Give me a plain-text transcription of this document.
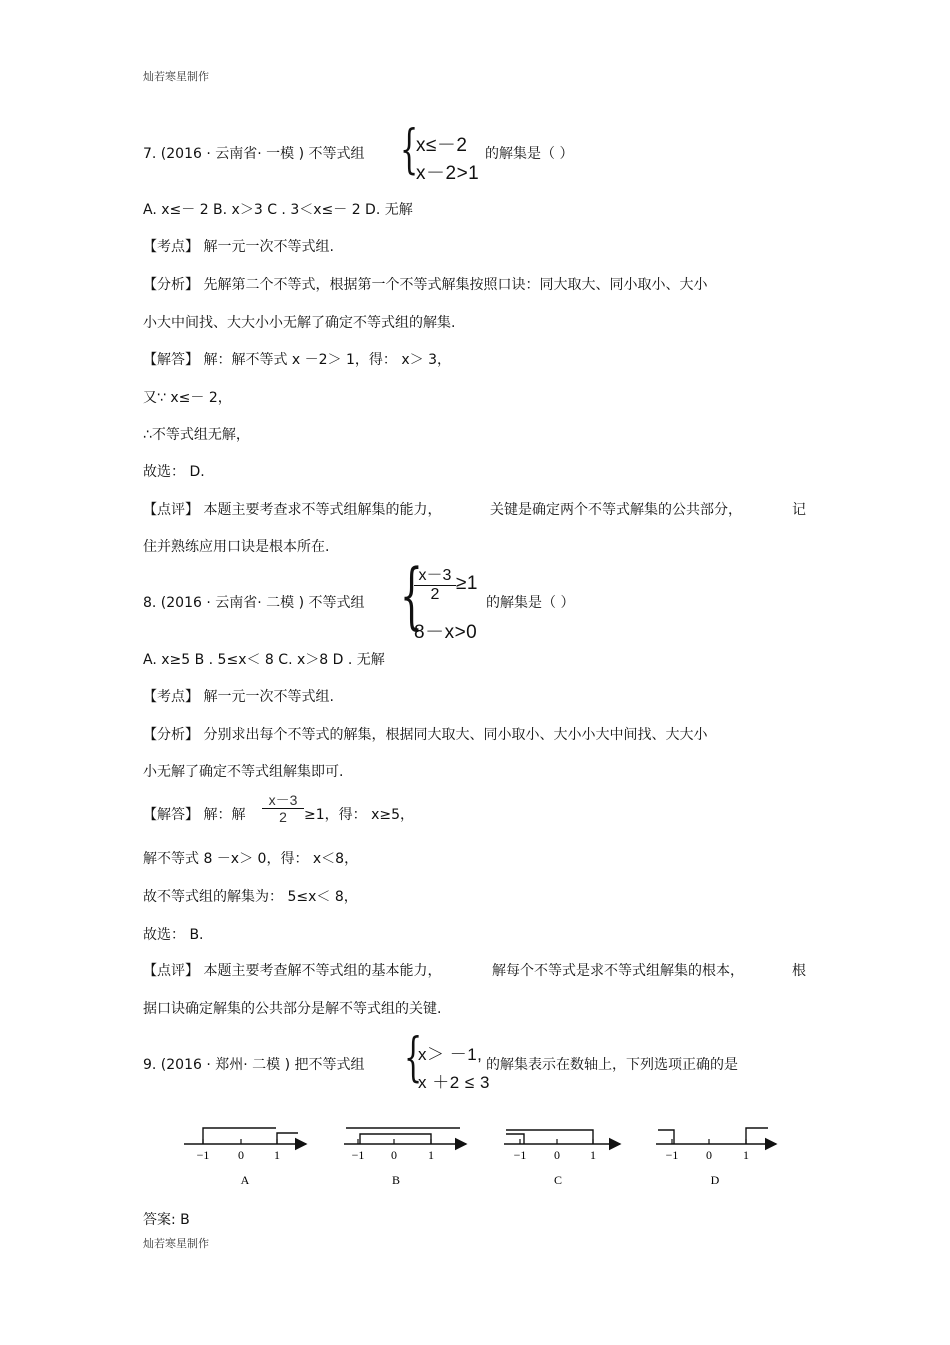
灿若寒星制作
7. (2016 · 云南省· 一模 ) 不等式组 {
x≤－2
x－2>1
的解集是（ ）
A. x≤－ 2 B. x＞3 C . 3＜x≤－ 2 D. 无解
【考点】 解一元一次不等式组.
【分析】 先解第二个不等式，根据第一个不等式解集按照口诀：同大取大、同小取小、大小
小大中间找、大大小小无解了确定不等式组的解集.
【解答】 解：解不等式 x －2＞ 1，得： x＞ 3，
又∵ x≤－ 2，
∴不等式组无解，
故选： D.
【点评】 本题主要考查求不等式组解集的能力，	关键是确定两个不等式解集的公共部分，	记
住并熟练应用口诀是根本所在.
8. (2016 · 云南省· 二模 ) 不等式组 {
x－3
2
≥1
8－x>0
的解集是（ ）
A. x≥5 B . 5≤x＜ 8 C. x＞8 D . 无解
【考点】 解一元一次不等式组.
【分析】 分别求出每个不等式的解集，根据同大取大、同小取小、大小小大中间找、大大小
小无解了确定不等式组解集即可.
【解答】 解：解
x－3
2	≥1，得： x≥5，
解不等式 8 －x＞ 0，得： x＜8，
故不等式组的解集为： 5≤x＜ 8，
故选： B.
【点评】 本题主要考查解不等式组的基本能力，	解每个不等式是求不等式组解集的根本，	根
据口诀确定解集的公共部分是解不等式组的关键.
9. (2016 · 郑州· 二模 ) 把不等式组 {
x＞ －1,
x ＋2 ≤ 3
的解集表示在数轴上，下列选项正确的是
−1 0	1
A
−1 0	1
B
−1 0	1
C
−1 0	1
D
答案: B
灿若寒星制作
